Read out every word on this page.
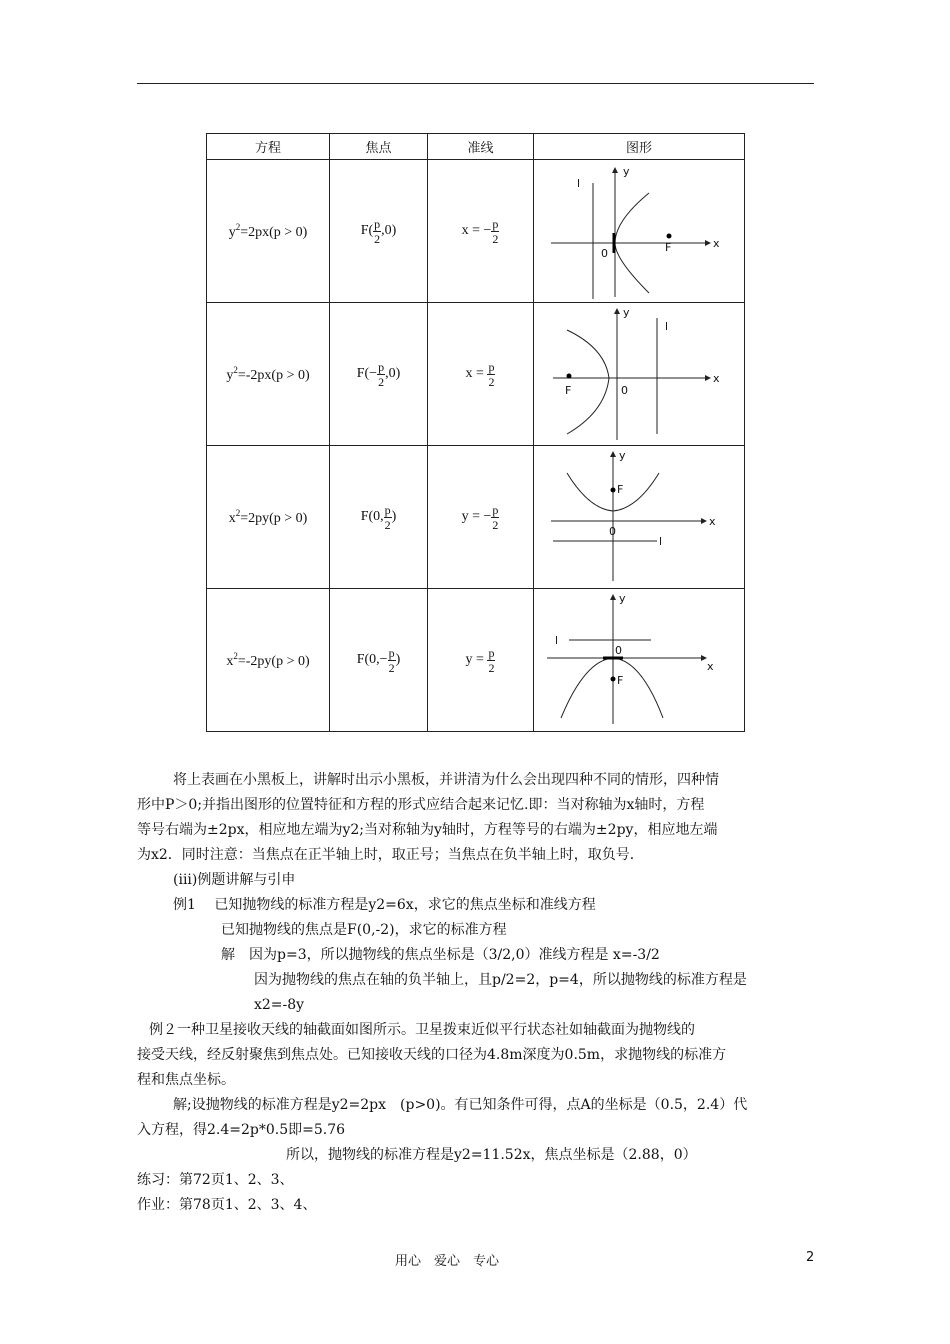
方程	焦点	准线	图形
$y^2=2px(p > 0)$	$F( \frac{p}{2} ,0)$	x = − $\frac{p}{2}$	l
y
x
0 F

$y^2=-2px(p > 0)$	$F(- \frac{p}{2} ,0)$	$x = \frac{p}{2}$	l
y
x
0
F

$x^2=2py(p > 0)$	F(0, $\frac{p}{2}$ )	y = − $\frac{p}{2}$	l
y
x
0
F

$x^2=-2py(p > 0)$	$F(0,- \frac{p}{2}$ )	$y = \frac{p}{2}$	l
y
x
0
F

将上表画在小黑板上，讲解时出示小黑板，并讲清为什么会出现四种不同的情形，四种情

形中P＞0;并指出图形的位置特征和方程的形式应结合起来记忆.即：当对称轴为x轴时，方程

等号右端为±2px，相应地左端为y2;当对称轴为y轴时，方程等号的右端为±2py，相应地左端

为x2．同时注意：当焦点在正半轴上时，取正号；当焦点在负半轴上时，取负号．

(iii)例题讲解与引申

例1　 已知抛物线的标准方程是y2=6x，求它的焦点坐标和准线方程

已知抛物线的焦点是F(0,-2)，求它的标准方程

解　因为p=3，所以抛物线的焦点坐标是（3/2,0）准线方程是 x=-3/2

因为抛物线的焦点在轴的负半轴上，且p/2=2，p=4，所以抛物线的标准方程是

x2=-8y

例２一种卫星接收天线的轴截面如图所示。卫星拨束近似平行状态社如轴截面为抛物线的

接受天线，经反射聚焦到焦点处。已知接收天线的口径为4.8m深度为0.5m，求抛物线的标准方

程和焦点坐标。

解;设抛物线的标准方程是y2=2px　(p>0)。有已知条件可得，点A的坐标是（0.5，2.4）代

入方程，得2.4=2p*0.5即=5.76

所以，抛物线的标准方程是y2=11.52x，焦点坐标是（2.88，0）

练习：第72页1、2、3、

作业：第78页1、2、3、4、

用心　爱心　专心	2
